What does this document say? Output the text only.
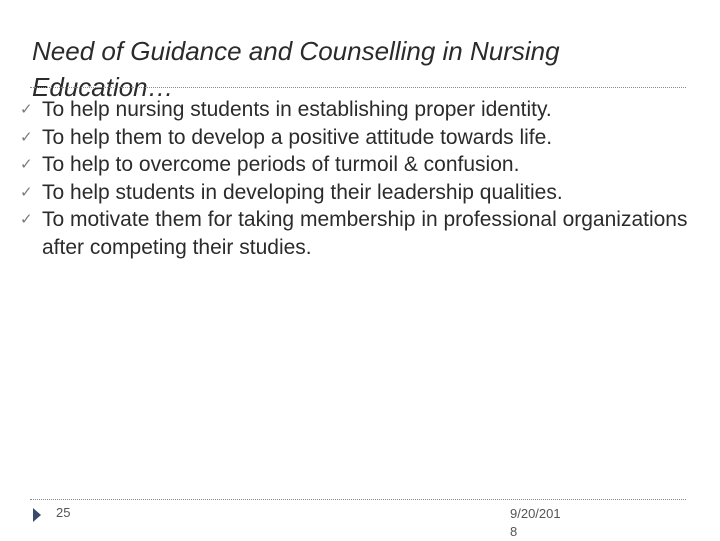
Need of Guidance and Counselling in Nursing
Education…
✓ To help nursing students in establishing proper identity.
✓ To help them to develop a positive attitude towards life.
✓ To help to overcome periods of turmoil & confusion.
✓ To help students in developing their leadership qualities.
✓ To motivate them for taking membership in professional organizations after competing their studies.
25	9/20/201
8
